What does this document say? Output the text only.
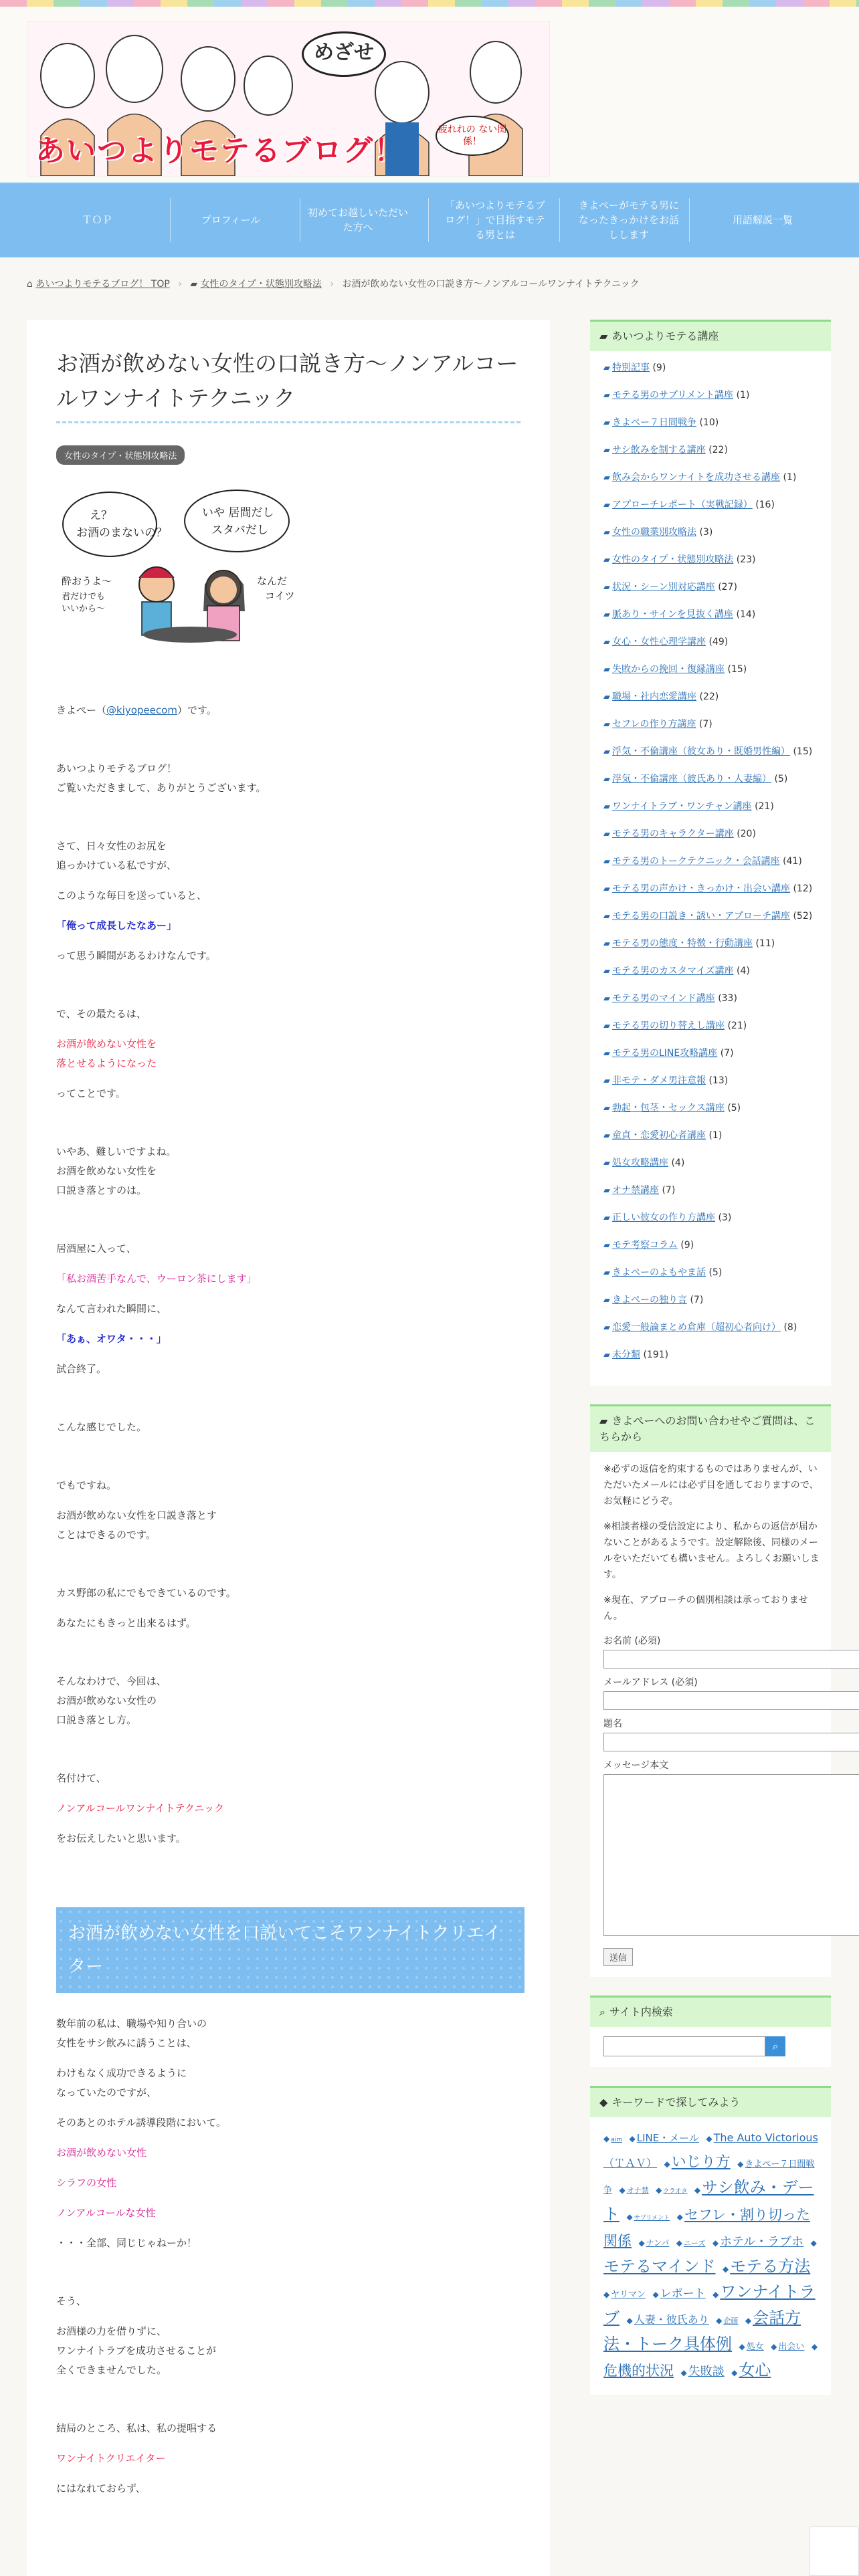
めざせ
疲れれの ない関係！
あいつよりモテるブログ！
ＴＯＰ	プロフィール
初めてお越しいただいた方へ
「あいつよりモテるブログ！」で目指すモテる男とは
きよぺーがモテる男になったきっかけをお話しします
用語解説一覧
⌂ あいつよりモテるブログ！ TOP › ▰ 女性のタイプ・状態別攻略法 › お酒が飲めない女性の口説き方〜ノンアルコールワンナイトテクニック
お酒が飲めない女性の口説き方〜ノンアルコールワンナイトテクニック
女性のタイプ・状態別攻略法
え？
お酒のまないの？
いや 居間だし
スタバだし
酔おうよ〜
君だけでも
いいから〜
なんだ
コイツ

きよぺー（@kiyopeecom）です。

あいつよりモテるブログ！
ご覧いただきまして、ありがとうございます。

さて、日々女性のお尻を
追っかけている私ですが、

このような毎日を送っていると、

「俺って成長したなあー」

って思う瞬間があるわけなんです。

で、その最たるは、

お酒が飲めない女性を
落とせるようになった

ってことです。

いやあ、難しいですよね。
お酒を飲めない女性を
口説き落とすのは。

居酒屋に入って、

「私お酒苦手なんで、ウーロン茶にします」

なんて言われた瞬間に、

「あぁ、オワタ・・・」

試合終了。

こんな感じでした。

でもですね。

お酒が飲めない女性を口説き落とす
ことはできるのです。

カス野郎の私にでもできているのです。

あなたにもきっと出来るはず。

そんなわけで、今回は、
お酒が飲めない女性の
口説き落とし方。

名付けて、

ノンアルコールワンナイトテクニック

をお伝えしたいと思います。

お酒が飲めない女性を口説いてこそワンナイトクリエイター

数年前の私は、職場や知り合いの
女性をサシ飲みに誘うことは、

わけもなく成功できるように
なっていたのですが、

そのあとのホテル誘導段階において。

お酒が飲めない女性

シラフの女性

ノンアルコールな女性

・・・全部、同じじゃねーか！

そう、

お酒様の力を借りずに、
ワンナイトラブを成功させることが
全くできませんでした。

結局のところ、私は、私の提唱する

ワンナイトクリエイター

にはなれておらず、

▰ あいつよりモテる講座
▰ 特別記事 (9)
▰ モテる男のサプリメント講座 (1)
▰ きよぺー７日間戦争 (10)
▰ サシ飲みを制する講座 (22)
▰ 飲み会からワンナイトを成功させる講座 (1)
▰ アプローチレポート（実戦記録） (16)
▰ 女性の職業別攻略法 (3)
▰ 女性のタイプ・状態別攻略法 (23)
▰ 状況・シーン別対応講座 (27)
▰ 脈あり・サインを見抜く講座 (14)
▰ 女心・女性心理学講座 (49)
▰ 失敗からの挽回・復縁講座 (15)
▰ 職場・社内恋愛講座 (22)
▰ セフレの作り方講座 (7)
▰ 浮気・不倫講座（彼女あり・既婚男性編） (15)
▰ 浮気・不倫講座（彼氏あり・人妻編） (5)
▰ ワンナイトラブ・ワンチャン講座 (21)
▰ モテる男のキャラクター講座 (20)
▰ モテる男のトークテクニック・会話講座 (41)
▰ モテる男の声かけ・きっかけ・出会い講座 (12)
▰ モテる男の口説き・誘い・アプローチ講座 (52)
▰ モテる男の態度・特徴・行動講座 (11)
▰ モテる男のカスタマイズ講座 (4)
▰ モテる男のマインド講座 (33)
▰ モテる男の切り替えし講座 (21)
▰ モテる男のLINE攻略講座 (7)
▰ 非モテ・ダメ男注意報 (13)
▰ 勃起・包茎・セックス講座 (5)
▰ 童貞・恋愛初心者講座 (1)
▰ 処女攻略講座 (4)
▰ オナ禁講座 (7)
▰ 正しい彼女の作り方講座 (3)
▰ モテ考察コラム (9)
▰ きよぺーのよもやま話 (5)
▰ きよぺーの独り言 (7)
▰ 恋愛一般論まとめ倉庫（超初心者向け） (8)
▰ 未分類 (191)
▰ きよぺーへのお問い合わせやご質問は、こちらから

※必ずの返信を約束するものではありませんが、いただいたメールには必ず目を通しておりますので、お気軽にどうぞ。

※相談者様の受信設定により、私からの返信が届かないことがあるようです。設定解除後、同様のメールをいただいても構いません。よろしくお願いします。

※現在、アプローチの個別相談は承っておりません。

お名前 (必須)
メールアドレス (必須)
題名
メッセージ本文
送信
⌕ サイト内検索
⌕
◆ キーワードで探してみよう
◆ aim ◆ LINE・メール ◆ The Auto Victorious（ＴＡＶ） ◆いじり方 ◆ きよぺー７日間戦争 ◆ オナ禁 ◆ クラオタ ◆サシ飲み・デート ◆ サプリメント ◆セフレ・割り切った関係 ◆ ナンパ ◆ ニーズ ◆ ホテル・ラブホ ◆モテるマインド ◆モテる方法 ◆ ヤリマン ◆ レポート ◆ワンナイトラブ ◆ 人妻・彼氏あり ◆ 企画 ◆会話方法・トーク具体例 ◆ 処女 ◆ 出会い ◆危機的状況 ◆ 失敗談 ◆女心
